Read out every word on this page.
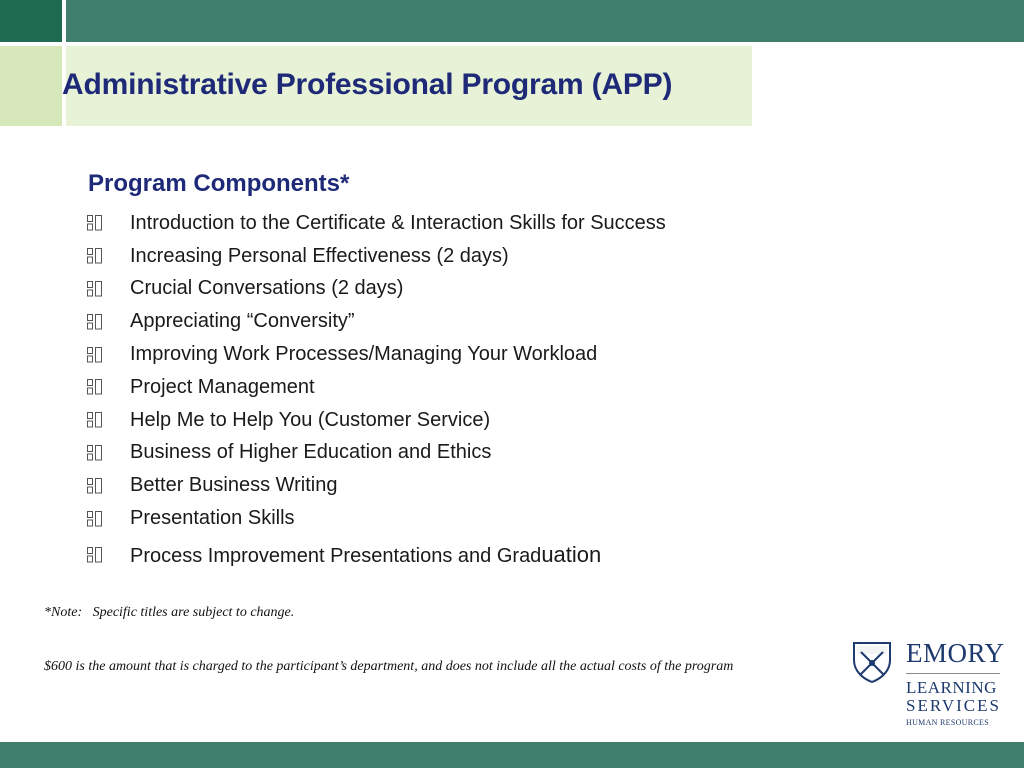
Administrative Professional Program (APP)
Program Components*
Introduction to the Certificate & Interaction Skills for Success
Increasing Personal Effectiveness (2 days)
Crucial Conversations (2 days)
Appreciating “Conversity”
Improving Work Processes/Managing Your Workload
Project Management
Help Me to Help You (Customer Service)
Business of Higher Education and Ethics
Better Business Writing
Presentation Skills
Process Improvement Presentations and Graduation

*Note:   Specific titles are subject to change.

$600 is the amount that is charged to the participant’s department, and does not include all the actual costs of the program	EMORY

LEARNING

SERVICES

HUMAN RESOURCES
